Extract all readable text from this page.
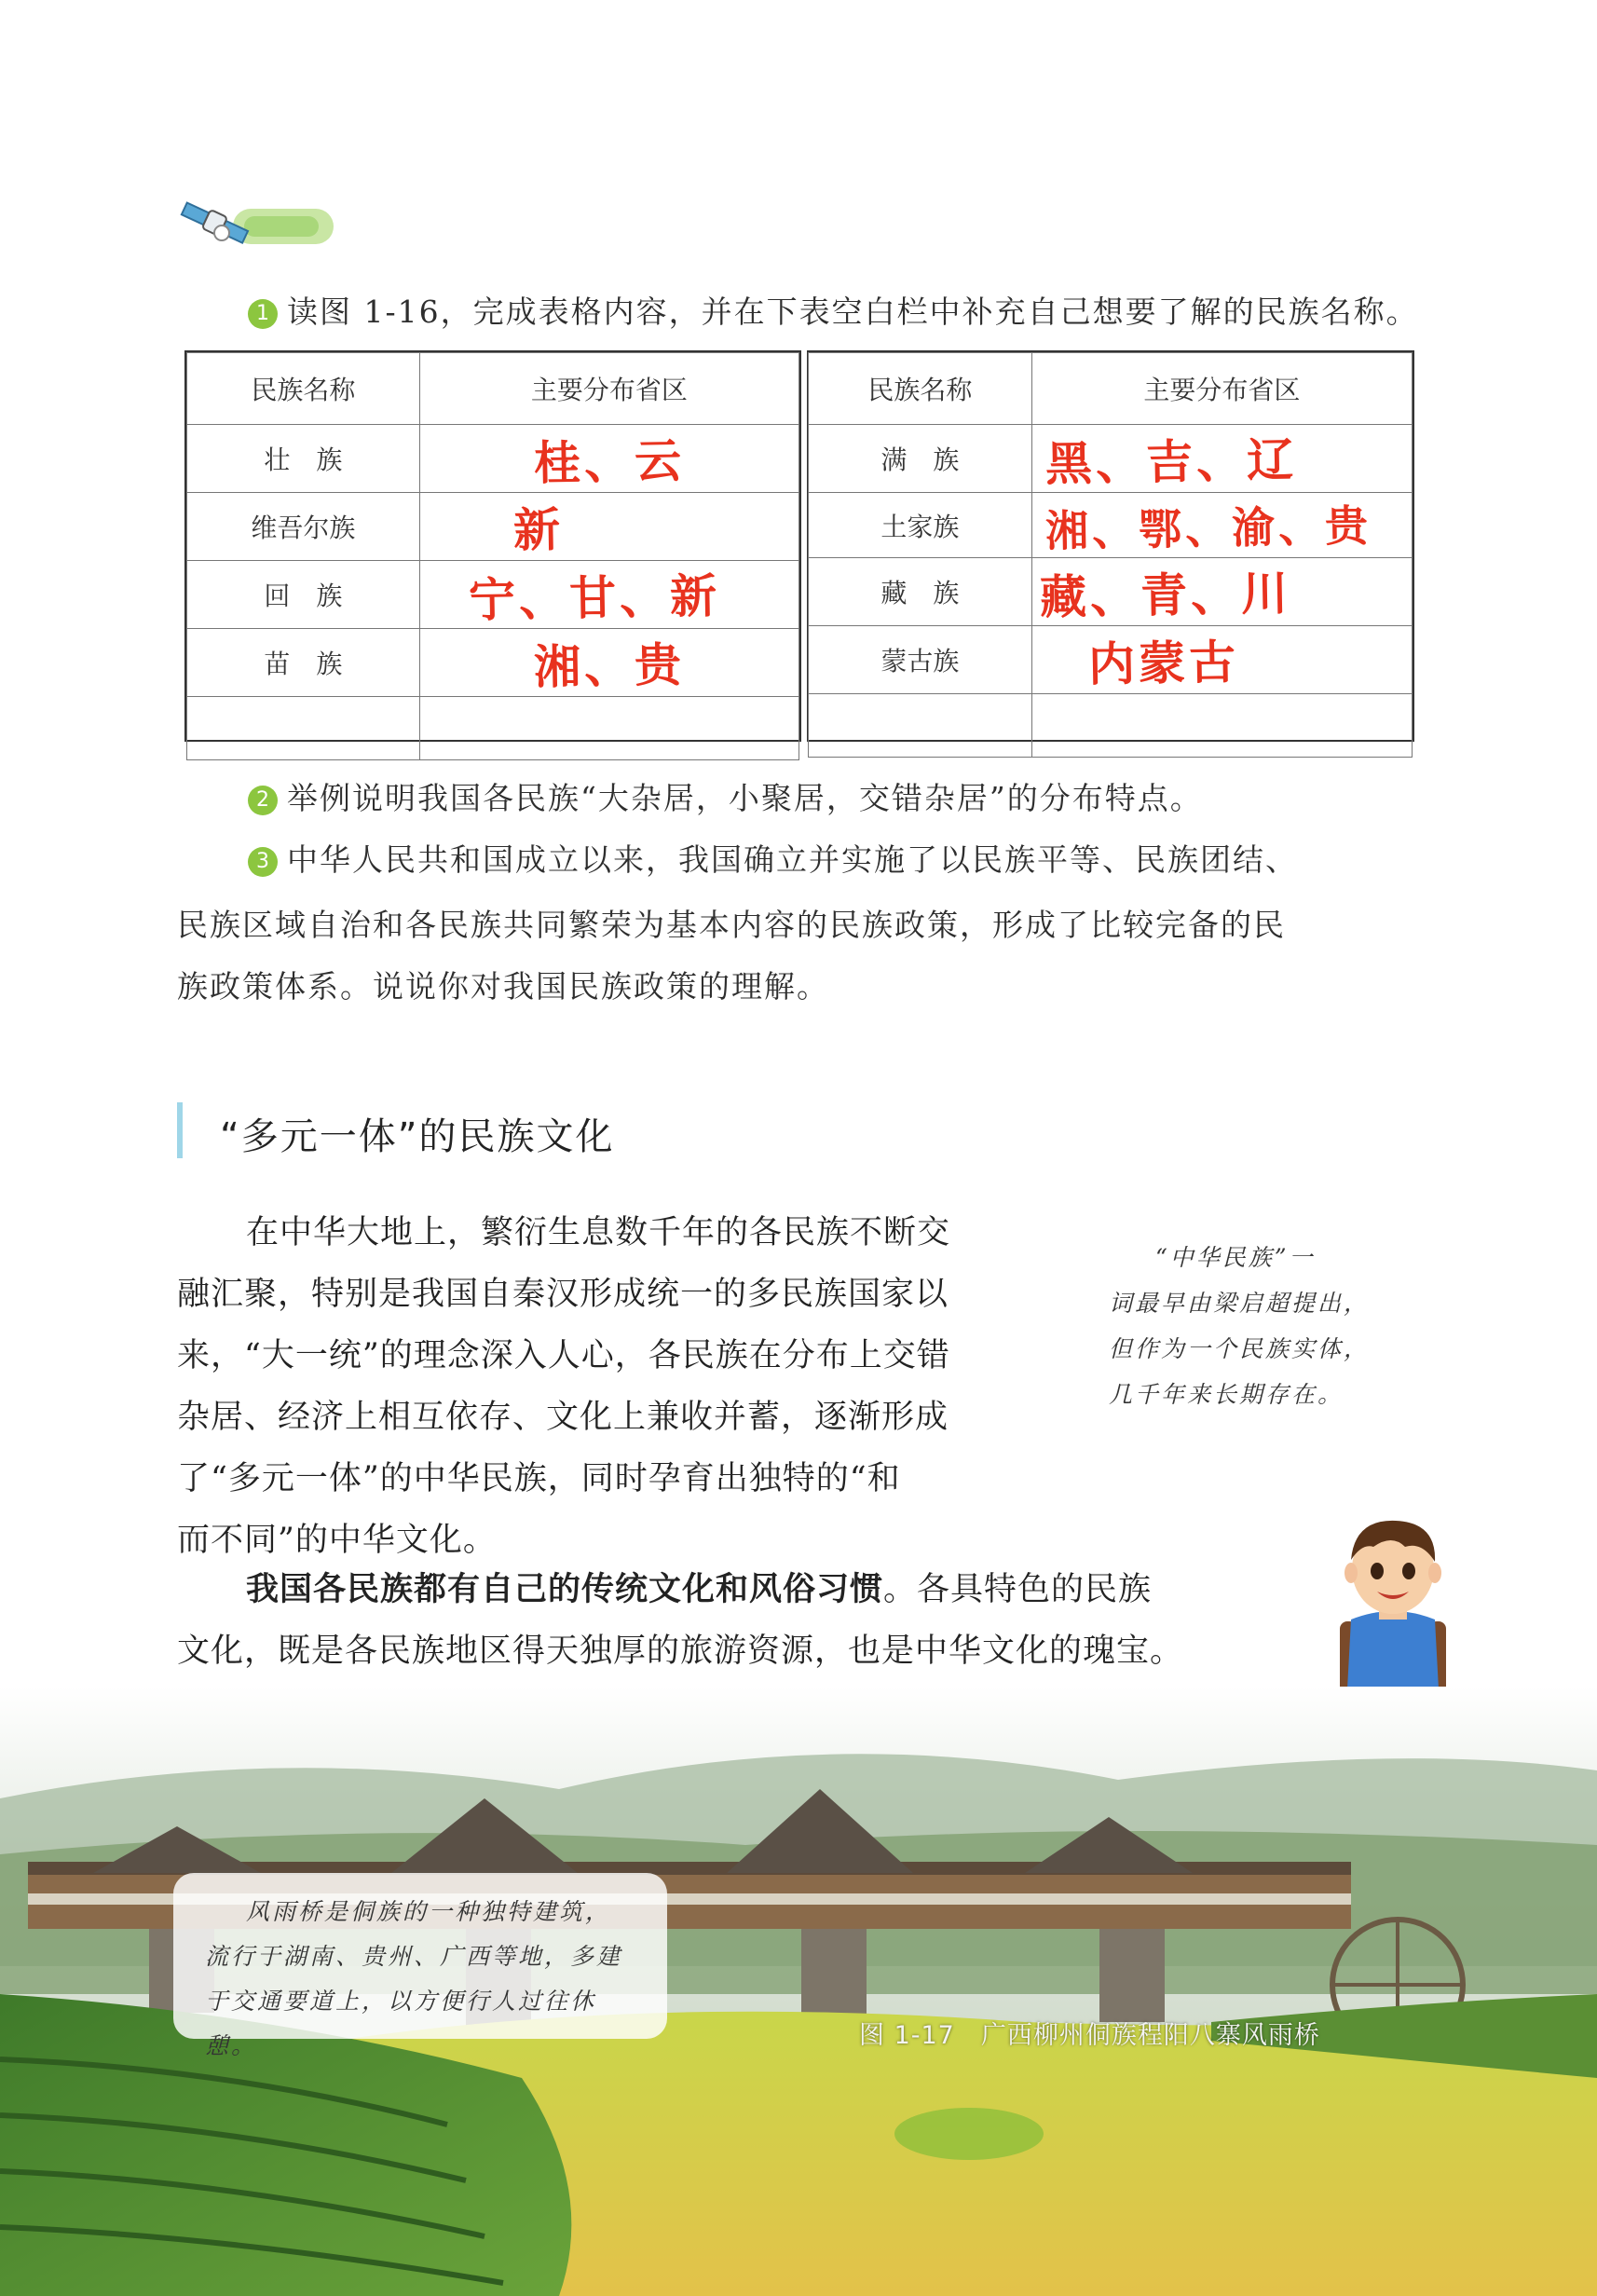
1 读图 1-16，完成表格内容，并在下表空白栏中补充自己想要了解的民族名称。
民族名称	主要分布省区
壮　族	桂、云
维吾尔族	新
回　族	宁、甘、新
苗　族	湘、贵

民族名称	主要分布省区
满　族	黑、吉、辽
土家族	湘、鄂、渝、贵
藏　族	藏、青、川
蒙古族	内蒙古

2 举例说明我国各民族“大杂居，小聚居，交错杂居”的分布特点。
3 中华人民共和国成立以来，我国确立并实施了以民族平等、民族团结、
民族区域自治和各民族共同繁荣为基本内容的民族政策，形成了比较完备的民
族政策体系。说说你对我国民族政策的理解。
“多元一体”的民族文化
在中华大地上，繁衍生息数千年的各民族不断交
融汇聚，特别是我国自秦汉形成统一的多民族国家以
来，“大一统”的理念深入人心，各民族在分布上交错
杂居、经济上相互依存、文化上兼收并蓄，逐渐形成
了“多元一体”的中华民族，同时孕育出独特的“和
而不同”的中华文化。
“中华民族”一
词最早由梁启超提出，
但作为一个民族实体，
几千年来长期存在。
我国各民族都有自己的传统文化和风俗习惯。各具特色的民族
文化，既是各民族地区得天独厚的旅游资源，也是中华文化的瑰宝。
风雨桥是侗族的一种独特建筑，
流行于湖南、贵州、广西等地，多建
于交通要道上，以方便行人过往休憩。	图 1-17　广西柳州侗族程阳八寨风雨桥
